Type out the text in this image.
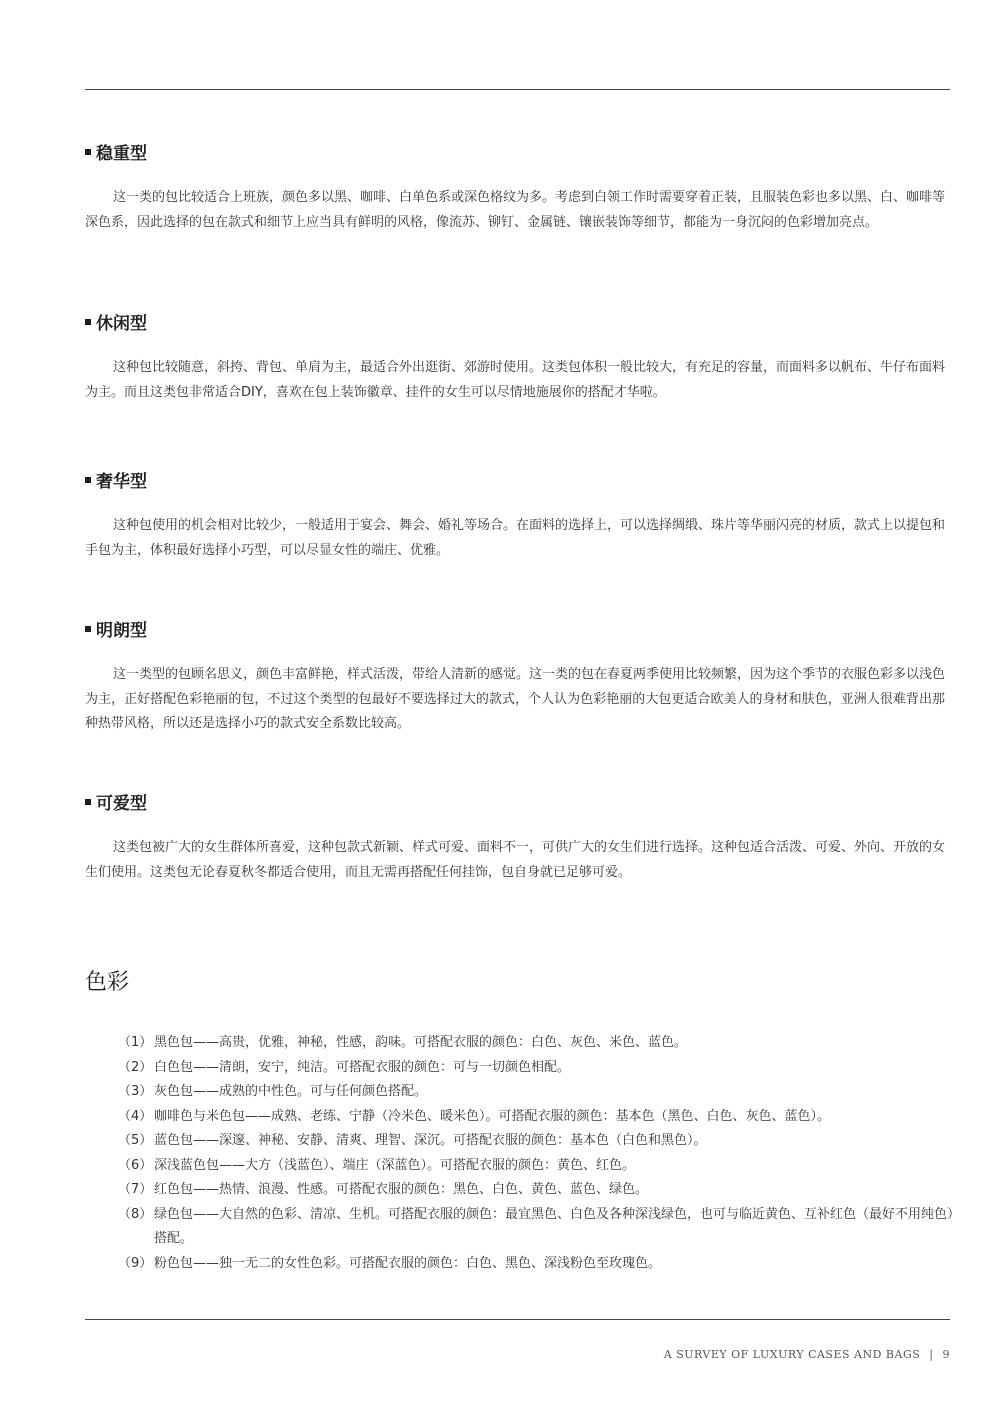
稳重型

这一类的包比较适合上班族，颜色多以黑、咖啡、白单色系或深色格纹为多。考虑到白领工作时需要穿着正装，且服装色彩也多以黑、白、咖啡等深色系，因此选择的包在款式和细节上应当具有鲜明的风格，像流苏、铆钉、金属链、镶嵌装饰等细节，都能为一身沉闷的色彩增加亮点。

休闲型

这种包比较随意，斜挎、背包、单肩为主，最适合外出逛街、郊游时使用。这类包体积一般比较大，有充足的容量，而面料多以帆布、牛仔布面料为主。而且这类包非常适合DIY，喜欢在包上装饰徽章、挂件的女生可以尽情地施展你的搭配才华啦。

奢华型

这种包使用的机会相对比较少，一般适用于宴会、舞会、婚礼等场合。在面料的选择上，可以选择绸缎、珠片等华丽闪亮的材质，款式上以提包和手包为主，体积最好选择小巧型，可以尽显女性的端庄、优雅。

明朗型

这一类型的包顾名思义，颜色丰富鲜艳，样式活泼，带给人清新的感觉。这一类的包在春夏两季使用比较频繁，因为这个季节的衣服色彩多以浅色为主，正好搭配色彩艳丽的包，不过这个类型的包最好不要选择过大的款式，个人认为色彩艳丽的大包更适合欧美人的身材和肤色，亚洲人很难背出那种热带风格，所以还是选择小巧的款式安全系数比较高。

可爱型

这类包被广大的女生群体所喜爱，这种包款式新颖、样式可爱、面料不一，可供广大的女生们进行选择。这种包适合活泼、可爱、外向、开放的女生们使用。这类包无论春夏秋冬都适合使用，而且无需再搭配任何挂饰，包自身就已足够可爱。

色彩
（1） 黑色包——高贵，优雅，神秘，性感，韵味。可搭配衣服的颜色：白色、灰色、米色、蓝色。
（2） 白色包——清朗，安宁，纯洁。可搭配衣服的颜色：可与一切颜色相配。
（3） 灰色包——成熟的中性色。可与任何颜色搭配。
（4） 咖啡色与米色包——成熟、老练、宁静（冷米色、暖米色）。可搭配衣服的颜色：基本色（黑色、白色、灰色、蓝色）。
（5） 蓝色包——深邃、神秘、安静、清爽、理智、深沉。可搭配衣服的颜色：基本色（白色和黑色）。
（6） 深浅蓝色包——大方（浅蓝色）、端庄（深蓝色）。可搭配衣服的颜色：黄色、红色。
（7） 红色包——热情、浪漫、性感。可搭配衣服的颜色：黑色、白色、黄色、蓝色、绿色。
（8） 绿色包——大自然的色彩、清凉、生机。可搭配衣服的颜色：最宜黑色、白色及各种深浅绿色，也可与临近黄色、互补红色（最好不用纯色）搭配。
（9） 粉色包——独一无二的女性色彩。可搭配衣服的颜色：白色、黑色、深浅粉色至玫瑰色。
A SURVEY OF LUXURY CASES AND BAGS | 9
